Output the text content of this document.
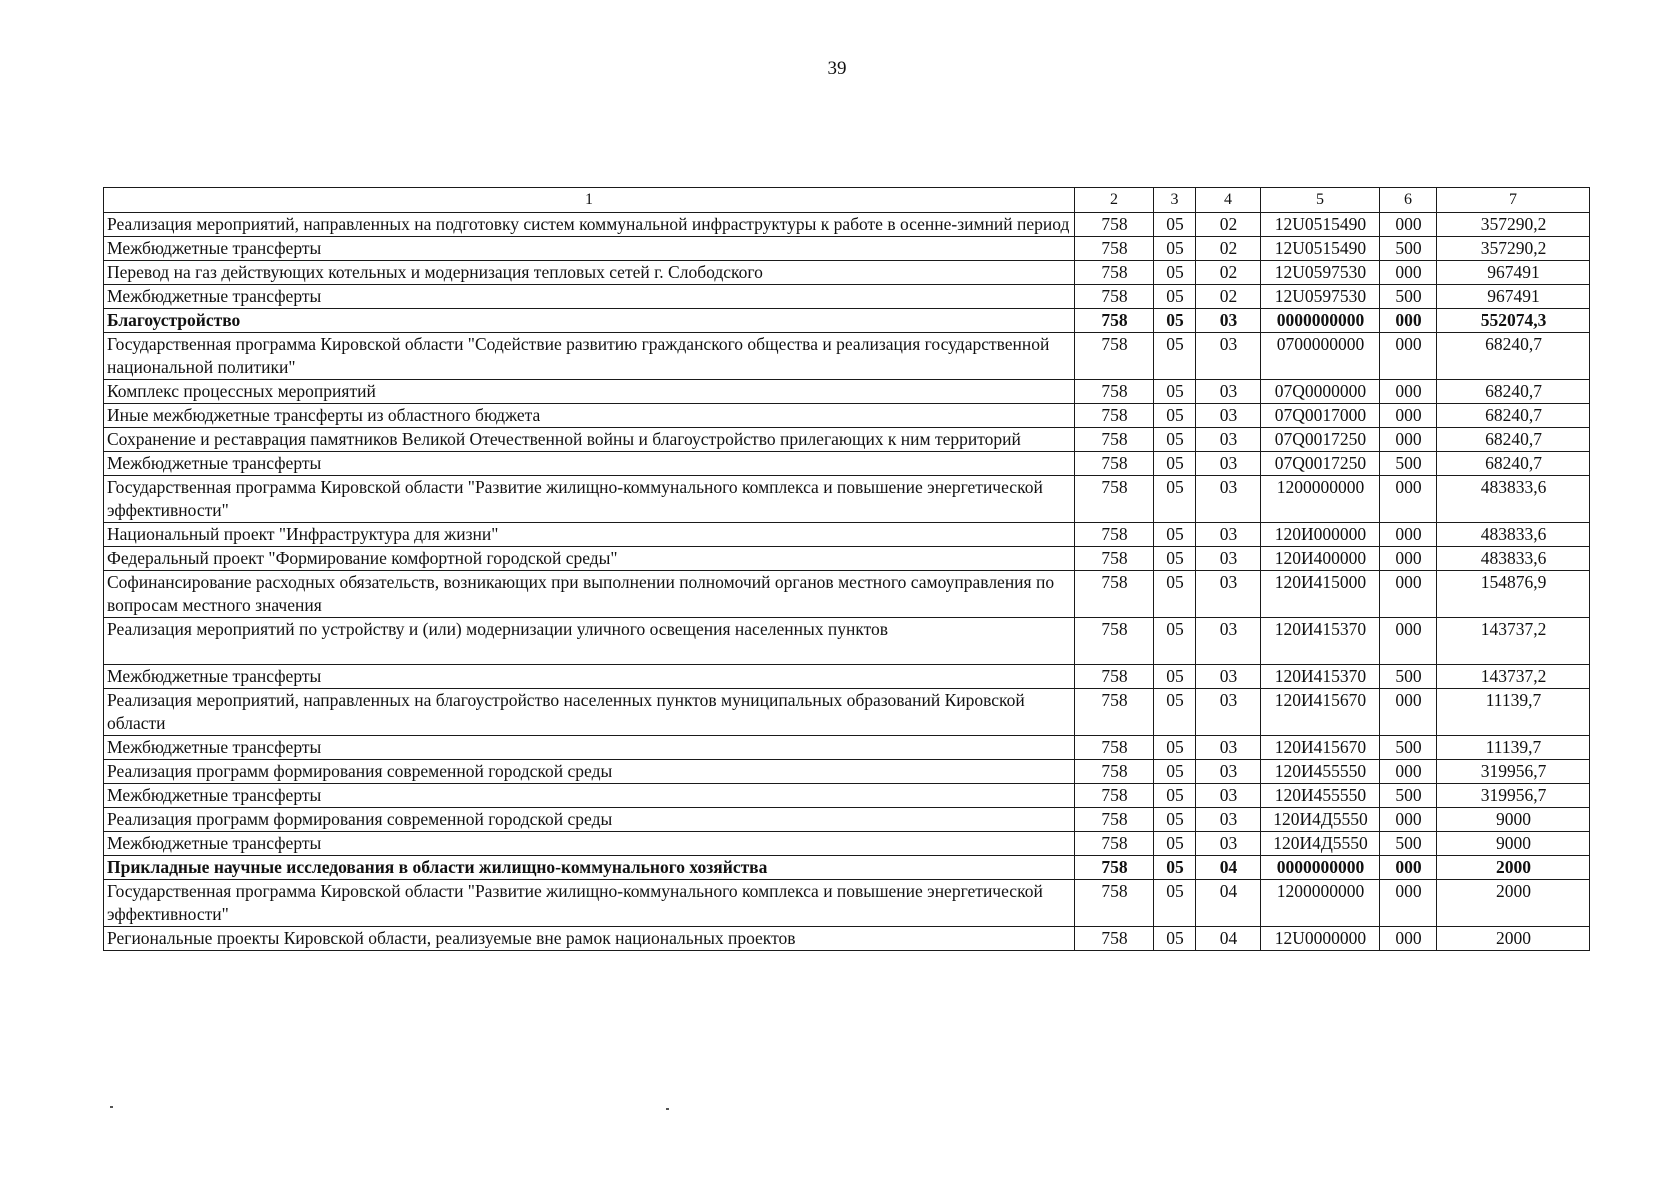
39
1	2	3	4	5	6	7
Реализация мероприятий, направленных на подготовку систем коммунальной инфраструктуры к работе в осенне-зимний период	758	05	02	12U0515490	000	357290,2
Межбюджетные трансферты	758	05	02	12U0515490	500	357290,2
Перевод на газ действующих котельных и модернизация тепловых сетей г. Слободского	758	05	02	12U0597530	000	967491
Межбюджетные трансферты	758	05	02	12U0597530	500	967491
Благоустройство	758	05	03	0000000000	000	552074,3
Государственная программа Кировской области "Содействие развитию гражданского общества и реализация государственной национальной политики"	758	05	03	0700000000	000	68240,7
Комплекс процессных мероприятий	758	05	03	07Q0000000	000	68240,7
Иные межбюджетные трансферты из областного бюджета	758	05	03	07Q0017000	000	68240,7
Сохранение и реставрация памятников Великой Отечественной войны и благоустройство прилегающих к ним территорий	758	05	03	07Q0017250	000	68240,7
Межбюджетные трансферты	758	05	03	07Q0017250	500	68240,7
Государственная программа Кировской области "Развитие жилищно-коммунального комплекса и повышение энергетической эффективности"	758	05	03	1200000000	000	483833,6
Национальный проект "Инфраструктура для жизни"	758	05	03	120И000000	000	483833,6
Федеральный проект "Формирование комфортной городской среды"	758	05	03	120И400000	000	483833,6
Софинансирование расходных обязательств, возникающих при выполнении полномочий органов местного самоуправления по вопросам местного значения	758	05	03	120И415000	000	154876,9
Реализация мероприятий по устройству и (или) модернизации уличного освещения населенных пунктов	758	05	03	120И415370	000	143737,2
Межбюджетные трансферты	758	05	03	120И415370	500	143737,2
Реализация мероприятий, направленных на благоустройство населенных пунктов муниципальных образований Кировской области	758	05	03	120И415670	000	11139,7
Межбюджетные трансферты	758	05	03	120И415670	500	11139,7
Реализация программ формирования современной городской среды	758	05	03	120И455550	000	319956,7
Межбюджетные трансферты	758	05	03	120И455550	500	319956,7
Реализация программ формирования современной городской среды	758	05	03	120И4Д5550	000	9000
Межбюджетные трансферты	758	05	03	120И4Д5550	500	9000
Прикладные научные исследования в области жилищно-коммунального хозяйства	758	05	04	0000000000	000	2000
Государственная программа Кировской области "Развитие жилищно-коммунального комплекса и повышение энергетической эффективности"	758	05	04	1200000000	000	2000
Региональные проекты Кировской области, реализуемые вне рамок национальных проектов	758	05	04	12U0000000	000	2000
